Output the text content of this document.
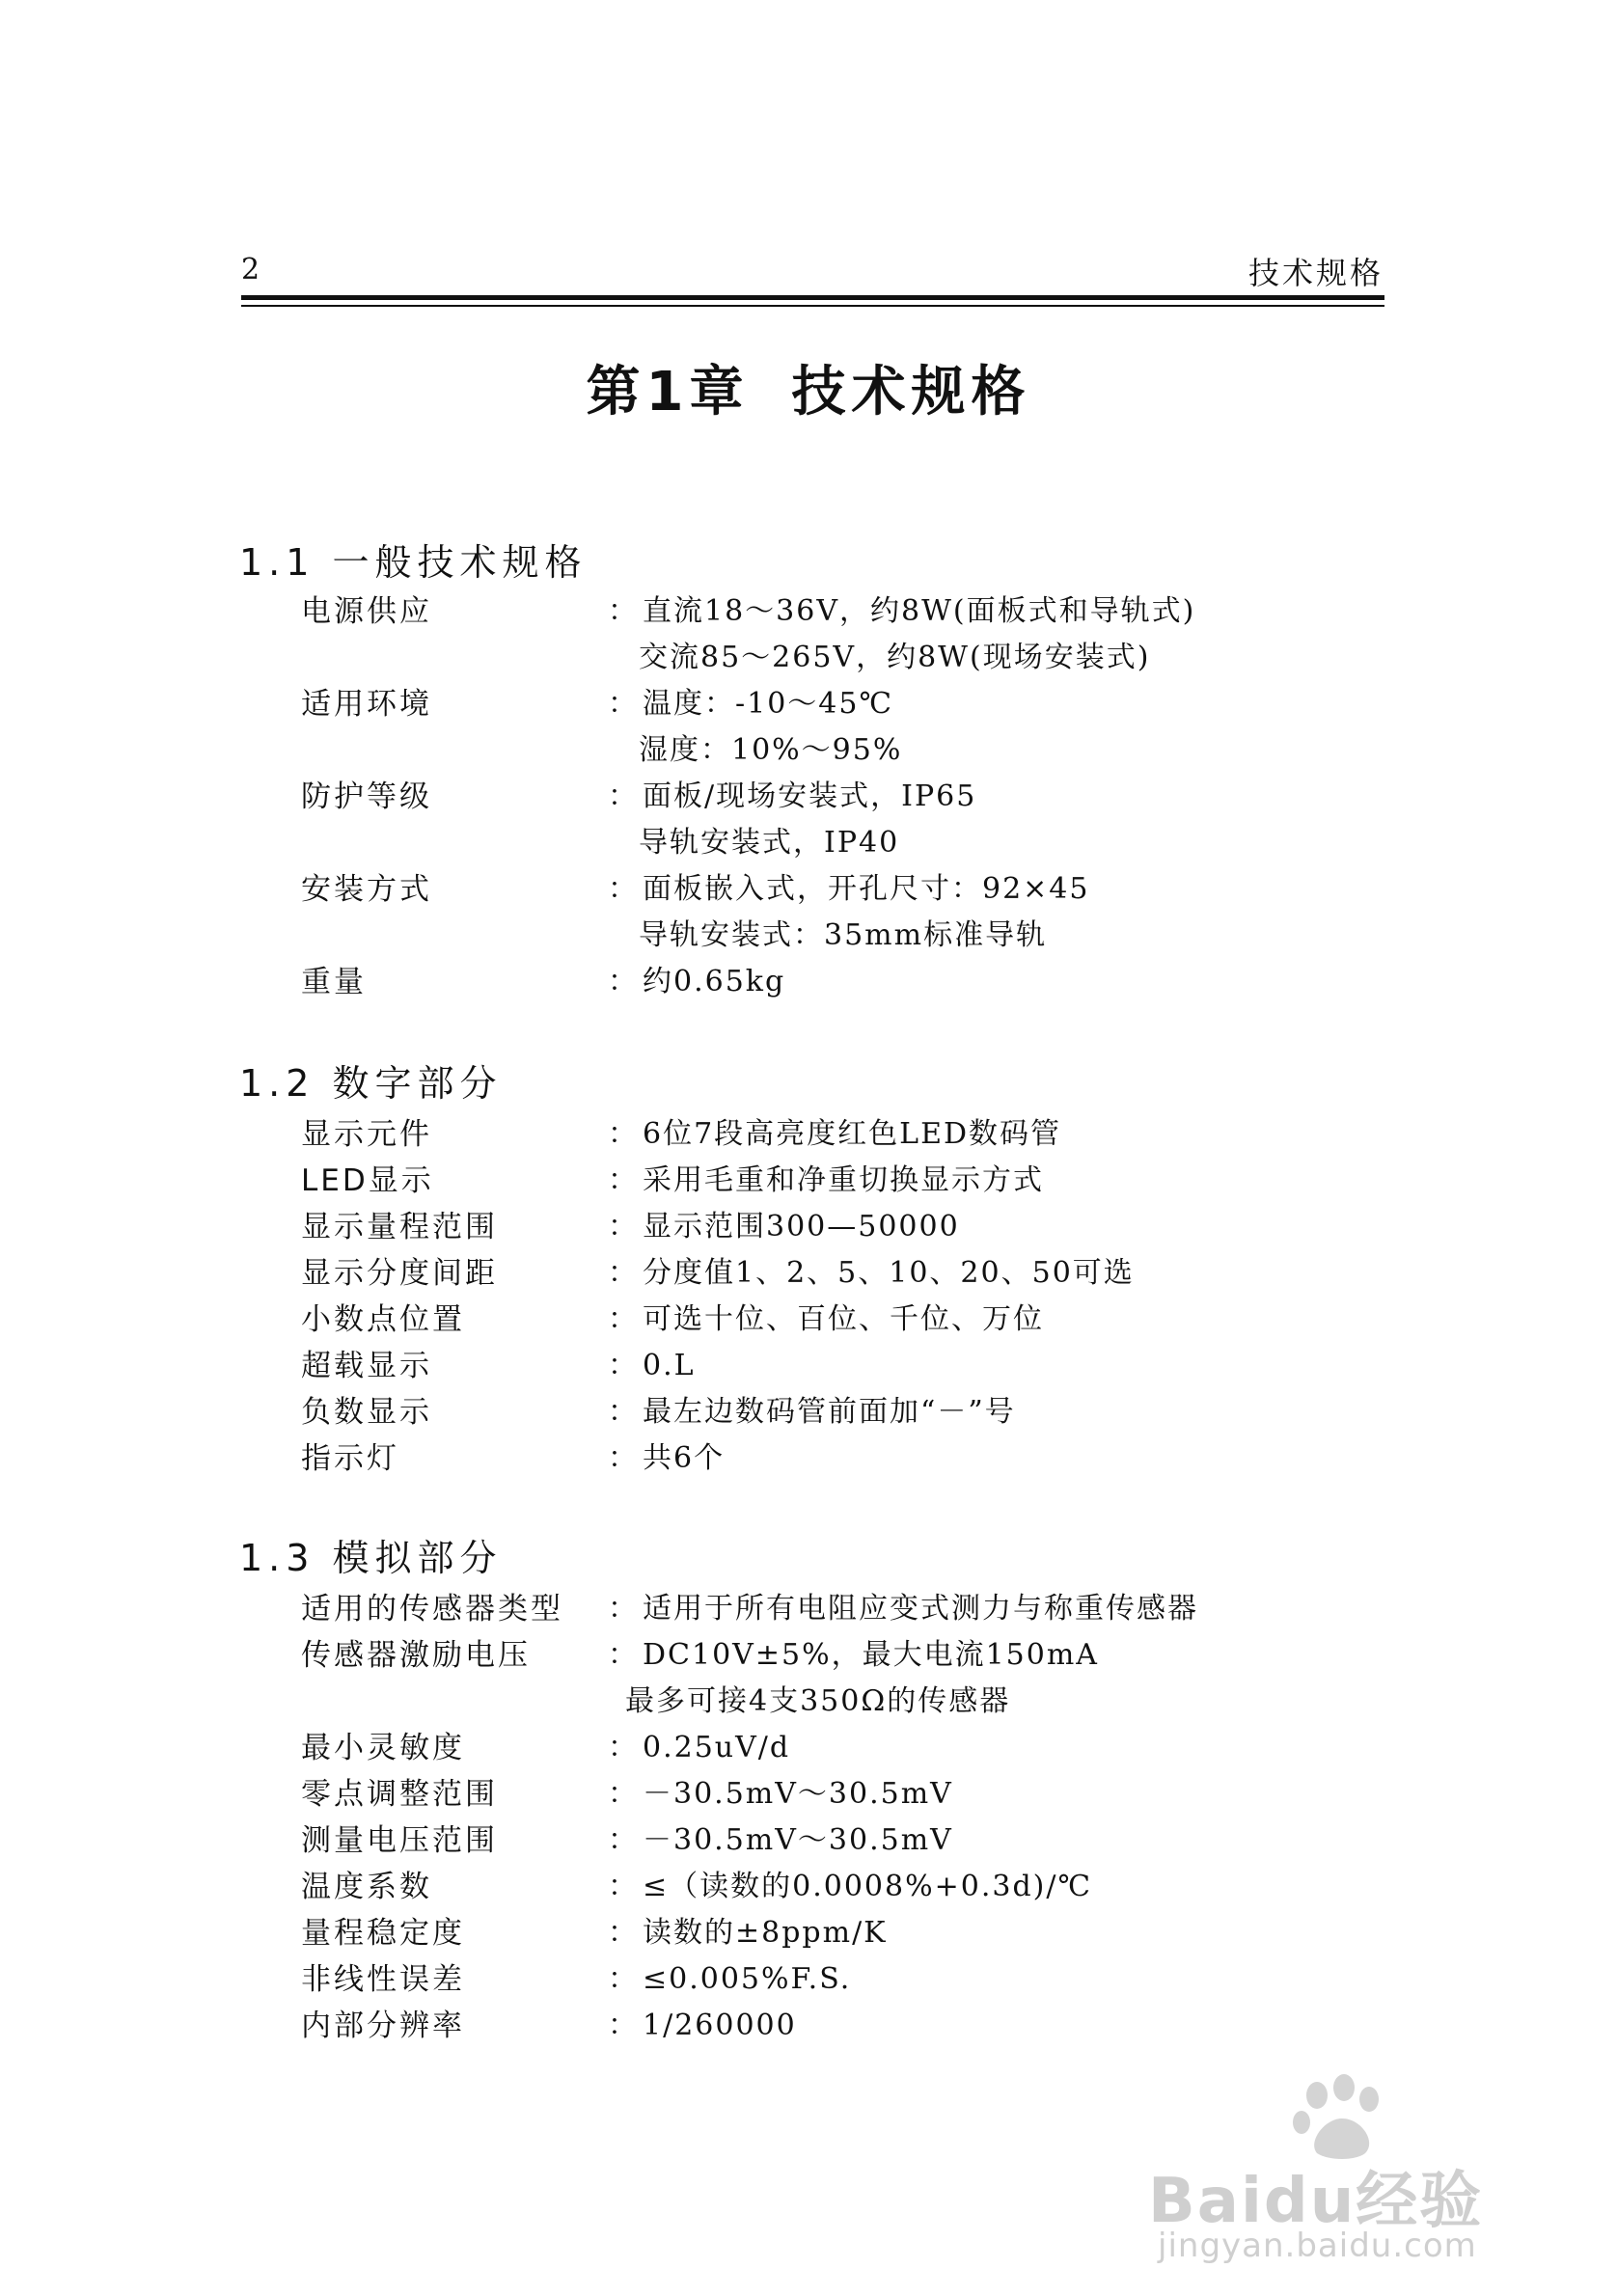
2	技术规格
第1章 技术规格
1.1 一般技术规格
电源供应	： 直流18～36V，约8W(面板式和导轨式)
交流85～265V，约8W(现场安装式)
适用环境	： 温度：-10～45℃
湿度：10%～95%
防护等级	： 面板/现场安装式，IP65
导轨安装式，IP40
安装方式	： 面板嵌入式，开孔尺寸：92×45
导轨安装式：35mm标准导轨
重量	： 约0.65kg
1.2 数字部分
显示元件	： 6位7段高亮度红色LED数码管
LED显示	： 采用毛重和净重切换显示方式
显示量程范围	： 显示范围300—50000
显示分度间距	： 分度值1、2、5、10、20、50可选
小数点位置	： 可选十位、百位、千位、万位
超载显示	： 0.L
负数显示	： 最左边数码管前面加“－”号
指示灯	： 共6个
1.3 模拟部分
适用的传感器类型 ： 适用于所有电阻应变式测力与称重传感器
传感器激励电压	： DC10V±5%，最大电流150mA
最多可接4支350Ω的传感器
最小灵敏度	： 0.25uV/d
零点调整范围	： －30.5mV～30.5mV
测量电压范围	： －30.5mV～30.5mV
温度系数	： ≤（读数的0.0008%+0.3d)/℃
量程稳定度	： 读数的±8ppm/K
非线性误差	： ≤0.005%F.S.
内部分辨率	： 1/260000
Baidu经验
jingyan.baidu.com
